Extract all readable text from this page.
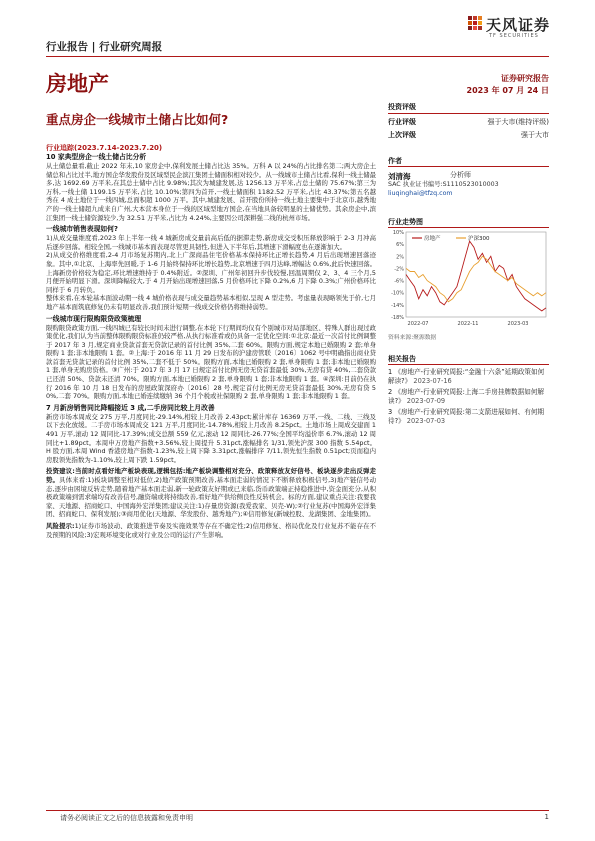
天风证券
TF SECURITIES
行业报告 | 行业研究周报
房地产	证券研究报告
2023 年 07 月 24 日
重点房企一线城市土储占比如何?
行业追踪(2023.7.14-2023.7.20)
10 家典型房企一线土储占比分析
从土储总量看,截止 2022 年末,10 家房企中,保利发展土储占比达 35%。万科 A 以 24%的占比排名第二;两大房企土储总和占比过半,地方国企华发股份及区域型民企滨江集团土储面积相对较少。从一线城市土储占比看,保利一线土储最多,达 1692.69 万平米,在其总土储中占比 9.98%;其次为城建发展,达 1256.13 万平米,占总土储的 75.67%;第三为万科,一线土储 1199.15 万平米,占比 10.10%;第四为首开,一线土储面积 1182.52 万平米,占比 43.37%;第五名越秀在 4 成土地位于一线四城,总面积超 1000 万平。其中,城建发展、首开股份所持一线土地主要集中于北京市,越秀地产的一线土储超九成来自广州,大本营本身位于一线的区域型地方国企,在当地具备较明显的土储优势。其余房企中,滨江集团一线土储资源较少,为 32.51 万平米,占比为 4.24%,主要因公司深耕强二线的杭州市场。
一线城市销售表现如何?
1)从成交量维度看,2023 年上半年一线 4 城新房成交量前高后低的据滞走势,新房成交受积压释放影响于 2-3 月冲高后逐步回落。相较全国,一线城市基本面表现尽管更具韧性,但进入下半年后,其增速下滑幅度也在逐渐加大。
2)从成交价格维度看,2-4 月市场复苏期内,北上广深商品住宅价格基本保持环比正增长趋势,4 月后出现增速回落迹象。其中,①北京、上海率先回暖,于 1-6 月始终保持环比增长趋势,北京增速于四月达峰,增幅达 0.6%,此后快速回落。上海新房价格较为稳定,环比增速维持于 0.4%附近。②深圳、广州年初回升步伐较慢,回温周期仅 2、3、4 三个月,5 月便开始明显下滑。深圳降幅较大,于 4 月开始出现增速回落,5 月价格环比下降 0.2%,6 月下降 0.3%;广州价格环比同样于 6 月转负。
整体来看,在本轮基本面波动期一线 4 城价格表现与成交量趋势基本相似,呈现 A 型走势。考虑量表现略领先于价,七月地产基本面筑底修复仍未有明显改善,我们预计短期一线成交价格仍将维持弱势。
一线城市现行限购限贷政策梳理
限购限贷政策方面,一线四城已有较长时间未进行调整,在本轮下行期间均仅有个别城市对局部地区、特殊人群出现过政策优化,我们认为当前整体限购限贷标准仍较严格,从执行标准看或仍具备一定优化空间:①北京:最近一次首付比例调整于 2017 年 3 月,规定商业贷款首套无贷款记录的首付比例 35%,二套 60%。限购方面,规定本地已婚限购 2 套;单身限购 1 套;非本地限购 1 套。②上海:于 2016 年 11 月 29 日发布的沪建房管联〔2016〕1062 号中明确指出商业贷款首套无贷款记录的首付比例 35%,二套不低于 50%。限购方面,本地已婚限购 2 套,单身限购 1 套;非本地已婚限购 1 套,单身无购房资格。③广州:于 2017 年 3 月 17 日规定首付比例无房无贷首套最低 30%,无房有贷 40%,二套贷款已还清 50%、贷款未还清 70%。限购方面,本地已婚限购 2 套,单身限购 1 套;非本地限购 1 套。④深圳:目前仍在执行 2016 年 10 月 18 日发布的房屋政策深府办〔2016〕28 号,规定首付比例无房无贷首套最低 30%,无房有贷 50%,二套 70%。限购方面,本地已婚连续缴纳 36 个月个税或社保限购 2 套,单身限购 1 套;非本地限购 1 套。
7 月新房销售同比降幅接近 3 成,二手房同比较上月改善
新房市场本周成交 275 万平,月度同比-29.14%,相较上月改善 2.43pct;累计库存 16369 万平,一线、二线、三线及以下去化放缓。二手房市场本周成交 121 万平,月度同比-14.78%,相较上月改善 8.25pct。土地市场上周成交建面 1491 万平,滚动 12 周同比-17.39%;成交总额 559 亿元,滚动 12 周同比-26.77%;全国平均溢价率 6.7%,滚动 12 周同比+1.89pct。本周申万房地产指数+3.56%,较上周提升 5.31pct,涨幅排名 1/31,领先沪深 300 指数 5.54pct。H 股方面,本周 Wind 香港房地产指数-1.23%,较上周下降 3.31pct,涨幅排序 7/11,领先恒生指数 0.51pct;页而稳内房股领先指数为-1.10%,较上周下跌 1.59pct。
投资建议:当前时点看好地产板块表现,逻辑包括:地产板块调整相对充分、政策释放友好信号、板块逐步走出反弹走势。具体来看:1)板块调整至相对低位,2)地产政策预期改善,基本面走弱的情况下不断释放积极信号,3)地产链信号动态,逐步由困境反转走势,随着地产基本面走弱,新一轮政策友好期或已来临,货币政策端正持稳推进中,资金面充分,从积极政策端到需求端均有改善信号,融资端或将持续改善,看好地产供给侧良性反转机会。标的方面,建议重点关注:我要我家、天地源、招商蛇口、中国海外宏洋集团;建议关注:1)存量房资源(我爱我家、贝壳-W);②行业复苏(中国海外宏洋集团、招商蛇口、保利发展);③商用优化(天地源、华发股份、越秀地产);④信用修复(新城控股、龙湖集团、金地集团)。
风险提示:1)证券市场波动、政策推进节奏及实施效果等存在不确定性;2)信用修复、格局优化及行业复苏不能存在不及预期的风险;3)宏观环境变化或对行业及公司的运行产生影响。
投资评级
行业评级	强于大市(维持评级)
上次评级	强于大市
作者
刘清海	分析师
SAC 执业证书编号:S1110523010003
liuqinghai@tfzq.com
行业走势图
10%
6%
2%
-2%
-6%
-10%
-14%
-18%
2022-07	2022-11	2023-03
房地产	沪深300
资料来源:聚源数据
相关报告
1 《房地产-行业研究周报:“金融十六条”延期政策如何解读?》 2023-07-16
2 《房地产-行业研究周报:上海二手房挂牌数据如何解读?》 2023-07-09
3 《房地产-行业研究周报:第二支箭进展如何、有何期待?》 2023-07-03
请务必阅读正文之后的信息披露和免责申明	1
